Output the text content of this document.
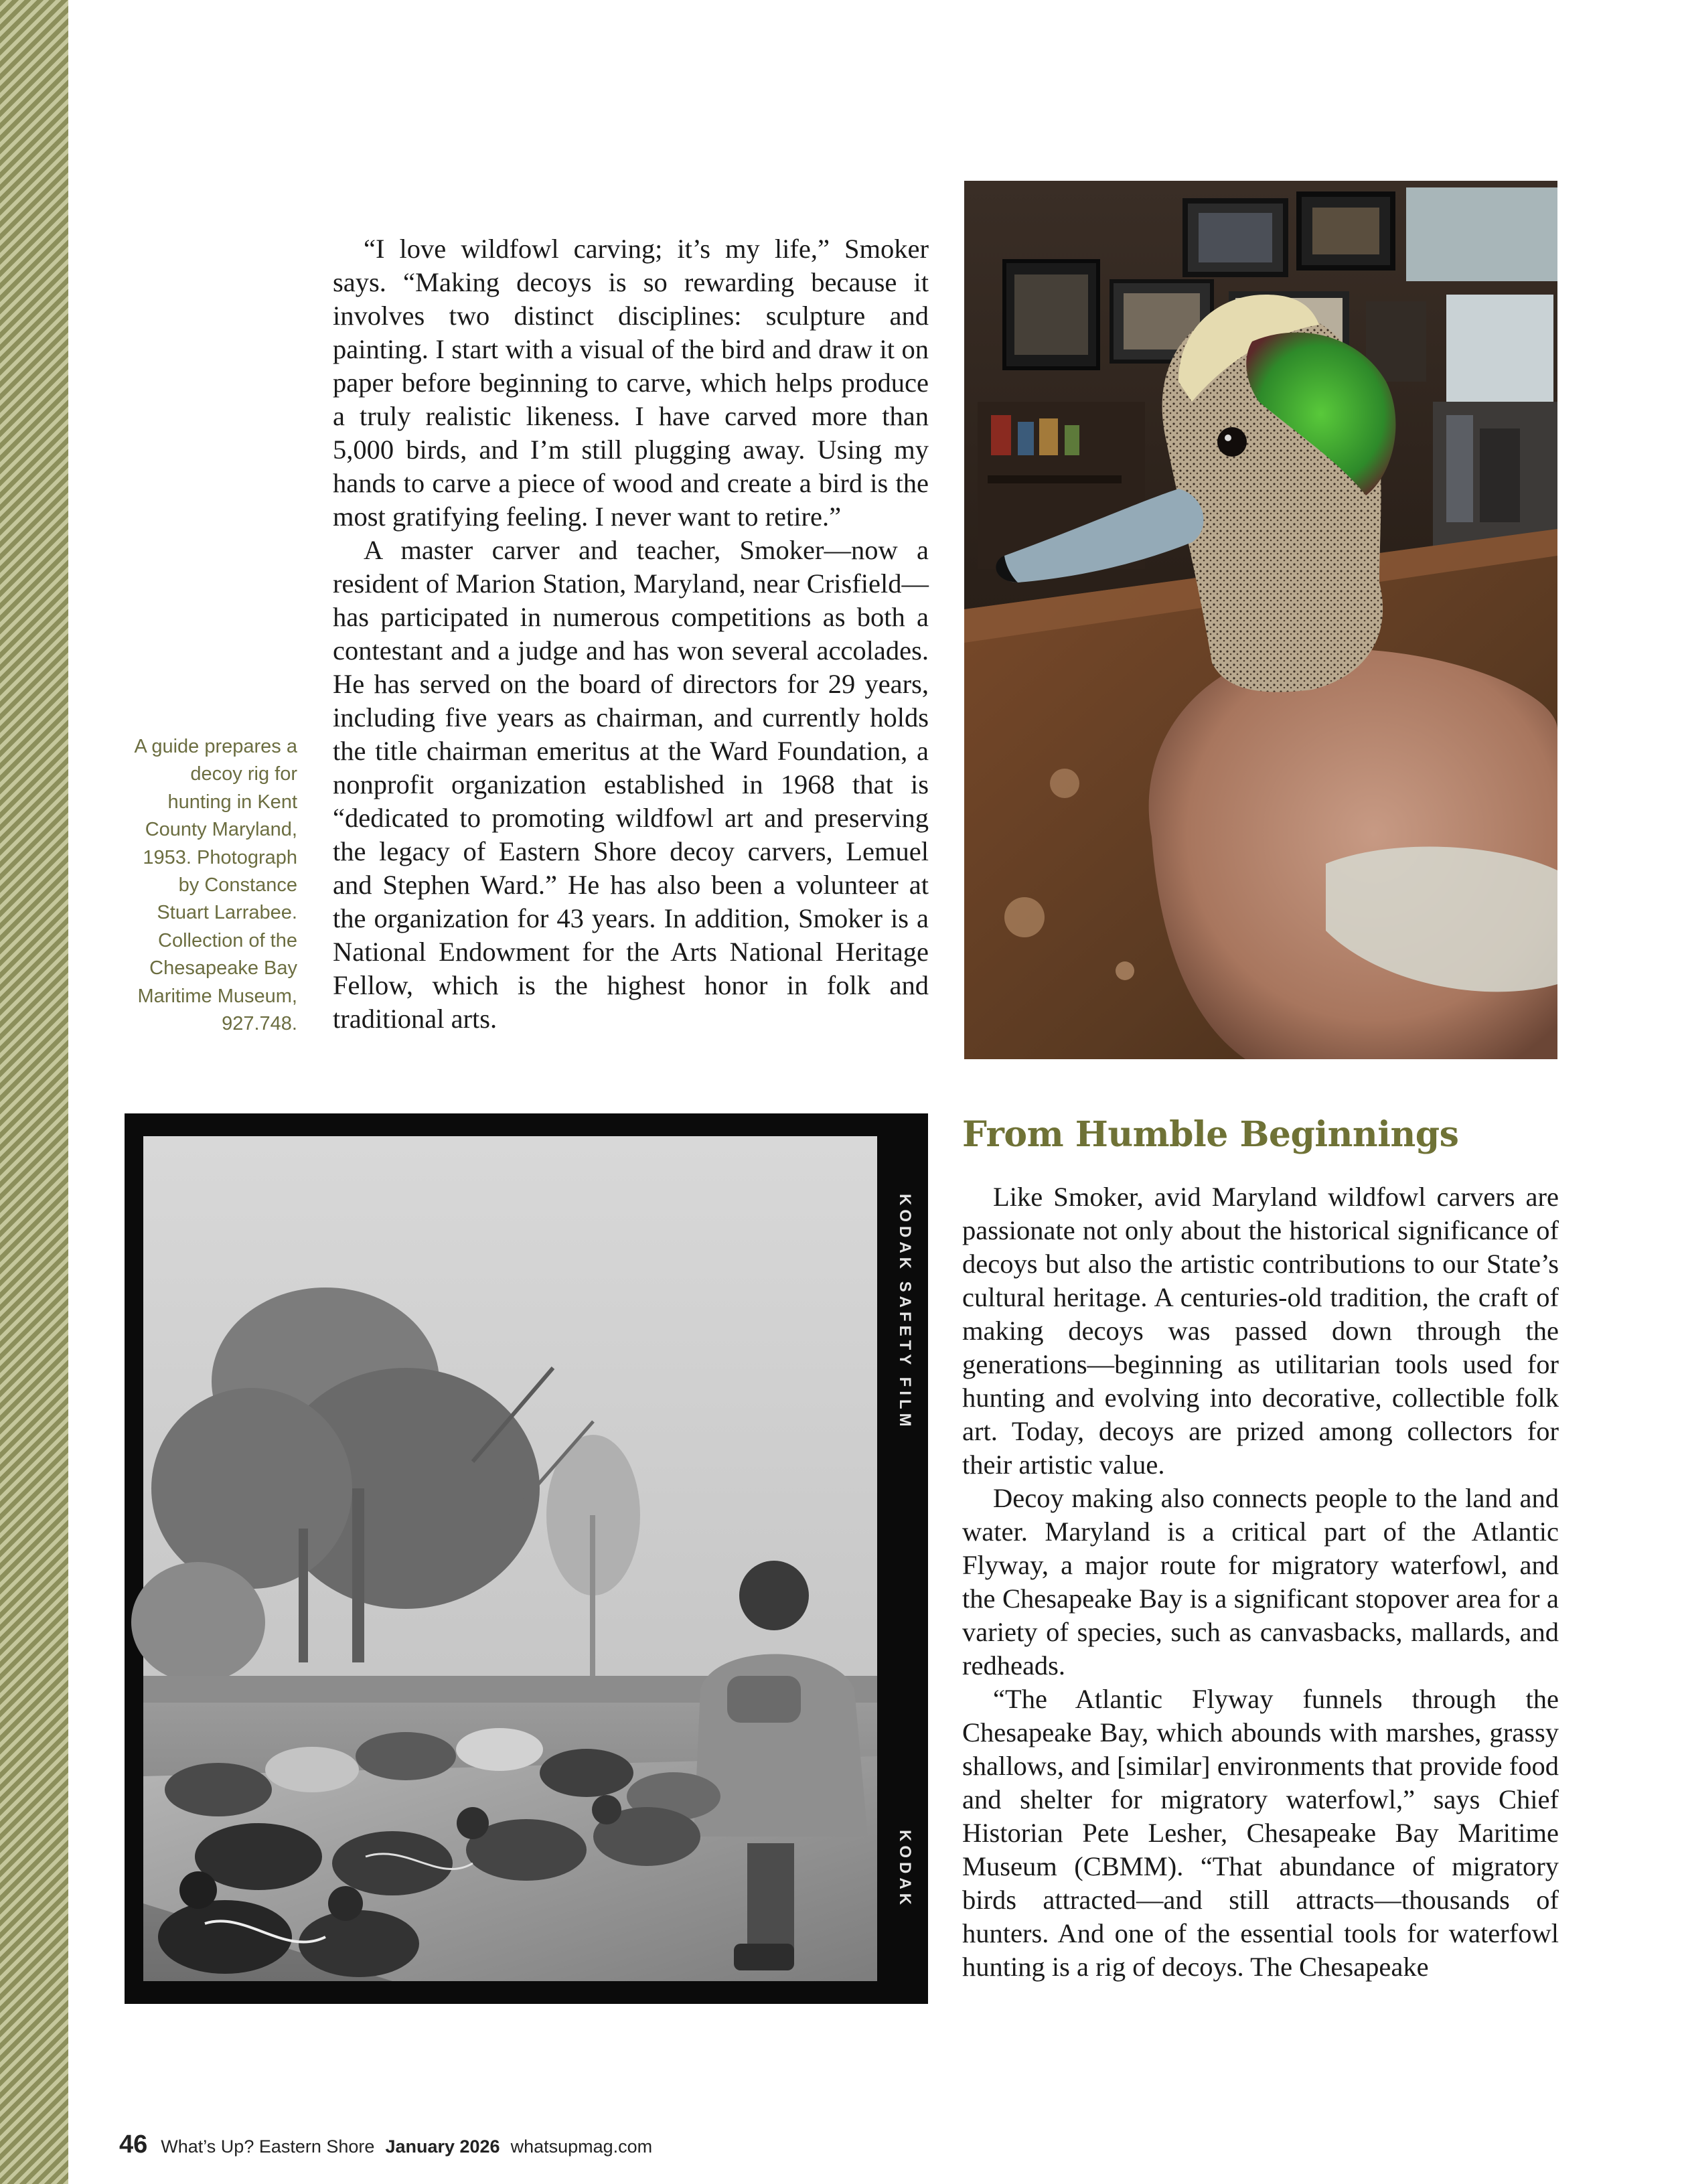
“I love wildfowl carving; it’s my life,” Smoker says. “Making decoys is so rewarding because it involves two distinct disciplines: sculpture and painting. I start with a visual of the bird and draw it on paper before beginning to carve, which helps produce a truly realistic likeness. I have carved more than 5,000 birds, and I’m still plugging away. Using my hands to carve a piece of wood and create a bird is the most gratifying feeling. I never want to retire.”

A master carver and teacher, Smoker—now a resident of Marion Station, Maryland, near Crisfield—has participated in numerous competitions as both a contestant and a judge and has won several accolades. He has served on the board of directors for 29 years, including five years as chairman, and currently holds the title chairman emeritus at the Ward Foundation, a nonprofit organization established in 1968 that is “dedicated to promoting wildfowl art and preserving the legacy of Eastern Shore decoy carvers, Lemuel and Stephen Ward.” He has also been a volunteer at the organization for 43 years. In addition, Smoker is a National Endowment for the Arts National Heritage Fellow, which is the highest honor in folk and traditional arts.

A guide prepares a decoy rig for hunting in Kent County Maryland, 1953. Photograph by Constance Stuart Larrabee. Collection of the Chesapeake Bay Maritime Museum, 927.748.
From Humble Beginnings

Like Smoker, avid Maryland wildfowl carvers are passionate not only about the historical significance of decoys but also the artistic contributions to our State’s cultural heritage. A centuries-old tradition, the craft of making decoys was passed down through the generations—beginning as utilitarian tools used for hunting and evolving into decorative, collectible folk art. Today, decoys are prized among collectors for their artistic value.

Decoy making also connects people to the land and water. Maryland is a critical part of the Atlantic Flyway, a major route for migratory waterfowl, and the Chesapeake Bay is a significant stopover area for a variety of species, such as canvasbacks, mallards, and redheads.

“The Atlantic Flyway funnels through the Chesapeake Bay, which abounds with marshes, grassy shallows, and [similar] environments that provide food and shelter for migratory waterfowl,” says Chief Historian Pete Lesher, Chesapeake Bay Maritime Museum (CBMM). “That abundance of migratory birds attracted—and still attracts—thousands of hunters. And one of the essential tools for waterfowl hunting is a rig of decoys. The Chesapeake

KODAK SAFETY FILM
KODAK
46 What’s Up? Eastern Shore January 2026 whatsupmag.com
